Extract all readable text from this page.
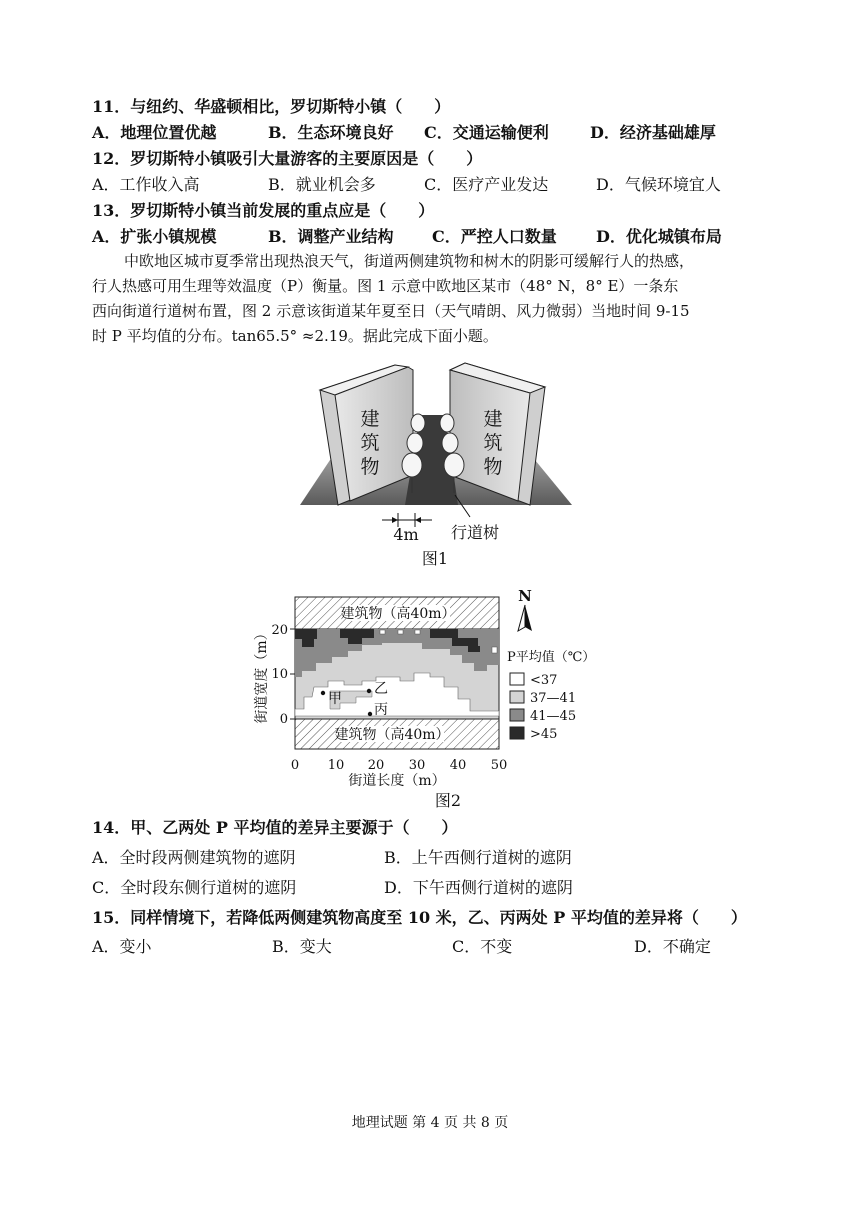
11．与纽约、华盛顿相比，罗切斯特小镇（　　）
A．地理位置优越	B．生态环境良好 C．交通运输便利	D．经济基础雄厚
12．罗切斯特小镇吸引大量游客的主要原因是（　　）
A．工作收入高	B．就业机会多	C．医疗产业发达	D．气候环境宜人
13．罗切斯特小镇当前发展的重点应是（　　）
A．扩张小镇规模	B．调整产业结构 C．严控人口数量 D．优化城镇布局
中欧地区城市夏季常出现热浪天气，街道两侧建筑物和树木的阴影可缓解行人的热感，
行人热感可用生理等效温度（P）衡量。图 1 示意中欧地区某市（48° N，8° E）一条东
西向街道行道树布置，图 2 示意该街道某年夏至日（天气晴朗、风力微弱）当地时间 9-15
时 P 平均值的分布。tan65.5° ≈2.19。据此完成下面小题。
建筑物
建筑物
4m 行道树
图1
建筑物（高40m）
建筑物（高40m）
甲
乙
丙
0 10 20 30 40 50
街道长度（m）
0
10
20
街道宽度（m）
图2
N
P平均值（℃）
<37
37—41
41—45
>45
14．甲、乙两处 P 平均值的差异主要源于（　　）
A．全时段两侧建筑物的遮阴	B．上午西侧行道树的遮阴
C．全时段东侧行道树的遮阴	D．下午西侧行道树的遮阴
15．同样情境下，若降低两侧建筑物高度至 10 米，乙、丙两处 P 平均值的差异将（　　）
A．变小	B．变大	C．不变	D．不确定
地理试题 第 4 页 共 8 页
